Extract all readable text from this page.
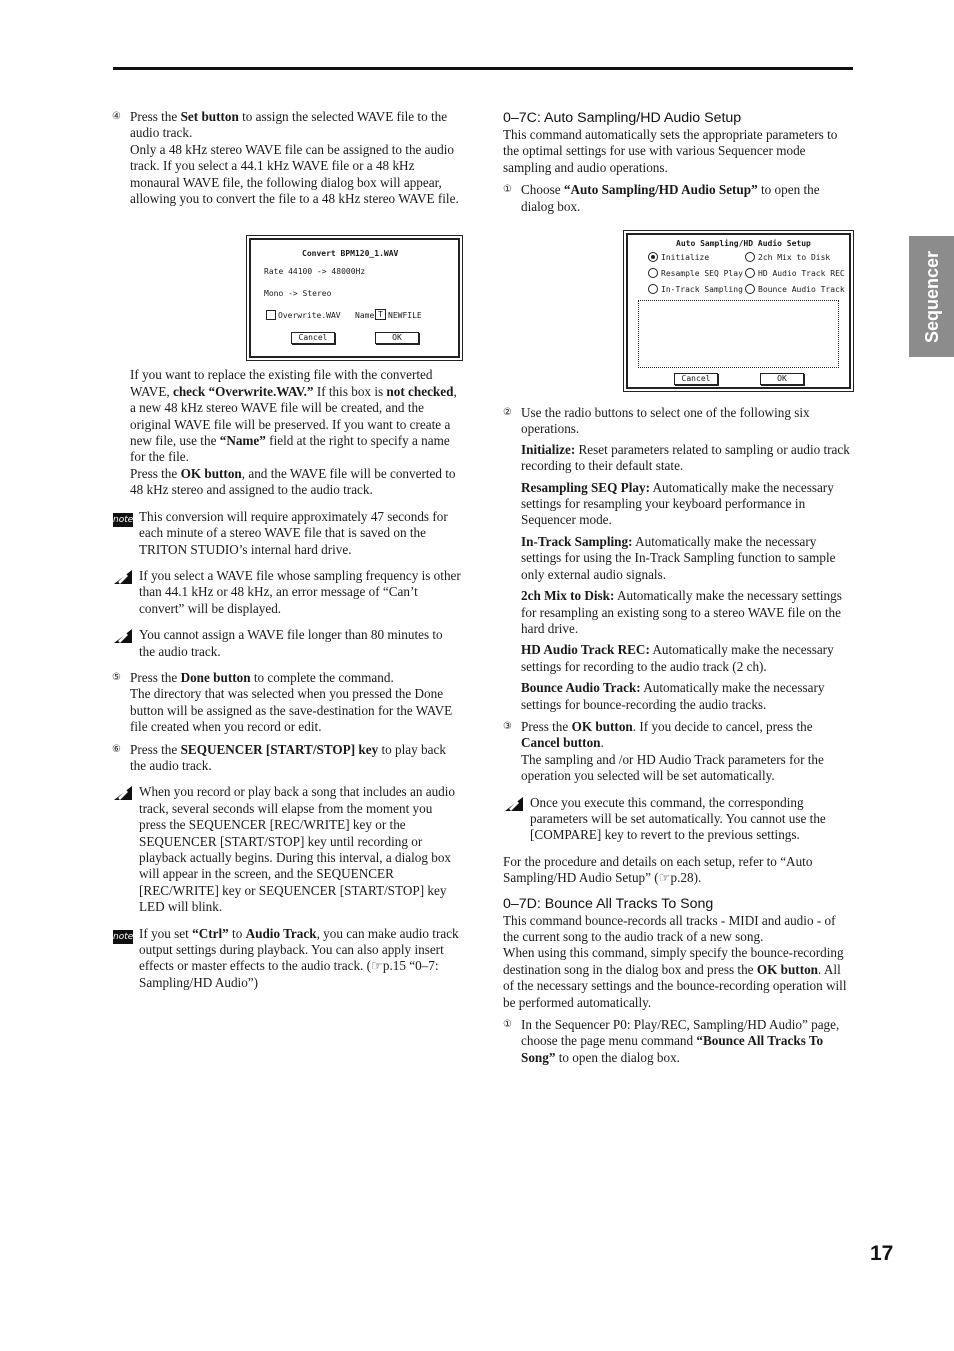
④ Press the Set button to assign the selected WAVE file to the audio track.

Only a 48 kHz stereo WAVE file can be assigned to the audio track. If you select a 44.1 kHz WAVE file or a 48 kHz monaural WAVE file, the following dialog box will appear, allowing you to convert the file to a 48 kHz stereo WAVE file.

If you want to replace the existing file with the converted WAVE, check “Overwrite.WAV.” If this box is not checked, a new 48 kHz stereo WAVE file will be created, and the original WAVE file will be preserved. If you want to create a new file, use the “Name” field at the right to specify a name for the file.

Press the OK button, and the WAVE file will be converted to 48 kHz stereo and assigned to the audio track.

note This conversion will require approximately 47 seconds for each minute of a stereo WAVE file that is saved on the TRITON STUDIO’s internal hard drive.

If you select a WAVE file whose sampling frequency is other than 44.1 kHz or 48 kHz, an error message of “Can’t convert” will be displayed.

You cannot assign a WAVE file longer than 80 minutes to the audio track.

⑤ Press the Done button to complete the command.

The directory that was selected when you pressed the Done button will be assigned as the save-destination for the WAVE file created when you record or edit.

⑥ Press the SEQUENCER [START/STOP] key to play back the audio track.

When you record or play back a song that includes an audio track, several seconds will elapse from the moment you press the SEQUENCER [REC/WRITE] key or the SEQUENCER [START/STOP] key until recording or playback actually begins. During this interval, a dialog box will appear in the screen, and the SEQUENCER [REC/WRITE] key or SEQUENCER [START/STOP] key LED will blink.

note If you set “Ctrl” to Audio Track, you can make audio track output settings during playback. You can also apply insert effects or master effects to the audio track. (☞p.15 “0–7: Sampling/HD Audio”)

Convert BPM120_1.WAV
Rate 44100 -> 48000Hz
Mono -> Stereo
Overwrite.WAV Name T NEWFILE
Cancel	OK
0–7C: Auto Sampling/HD Audio Setup

This command automatically sets the appropriate parameters to the optimal settings for use with various Sequencer mode sampling and audio operations.

① Choose “Auto Sampling/HD Audio Setup” to open the dialog box.

② Use the radio buttons to select one of the following six operations.

Initialize: Reset parameters related to sampling or audio track recording to their default state.

Resampling SEQ Play: Automatically make the necessary settings for resampling your keyboard performance in Sequencer mode.

In-Track Sampling: Automatically make the necessary settings for using the In-Track Sampling function to sample only external audio signals.

2ch Mix to Disk: Automatically make the necessary settings for resampling an existing song to a stereo WAVE file on the hard drive.

HD Audio Track REC: Automatically make the necessary settings for recording to the audio track (2 ch).

Bounce Audio Track: Automatically make the necessary settings for bounce-recording the audio tracks.

③ Press the OK button. If you decide to cancel, press the Cancel button.

The sampling and /or HD Audio Track parameters for the operation you selected will be set automatically.

Once you execute this command, the corresponding parameters will be set automatically. You cannot use the [COMPARE] key to revert to the previous settings.

For the procedure and details on each setup, refer to “Auto Sampling/HD Audio Setup” (☞p.28).

0–7D: Bounce All Tracks To Song

This command bounce-records all tracks - MIDI and audio - of the current song to the audio track of a new song.

When using this command, simply specify the bounce-recording destination song in the dialog box and press the OK button. All of the necessary settings and the bounce-recording operation will be performed automatically.

① In the Sequencer P0: Play/REC, Sampling/HD Audio” page, choose the page menu command “Bounce All Tracks To Song” to open the dialog box.

Auto Sampling/HD Audio Setup
Initialize	2ch Mix to Disk
Resample SEQ Play HD Audio Track REC
In-Track Sampling Bounce Audio Track
Cancel	OK
Sequencer
17
